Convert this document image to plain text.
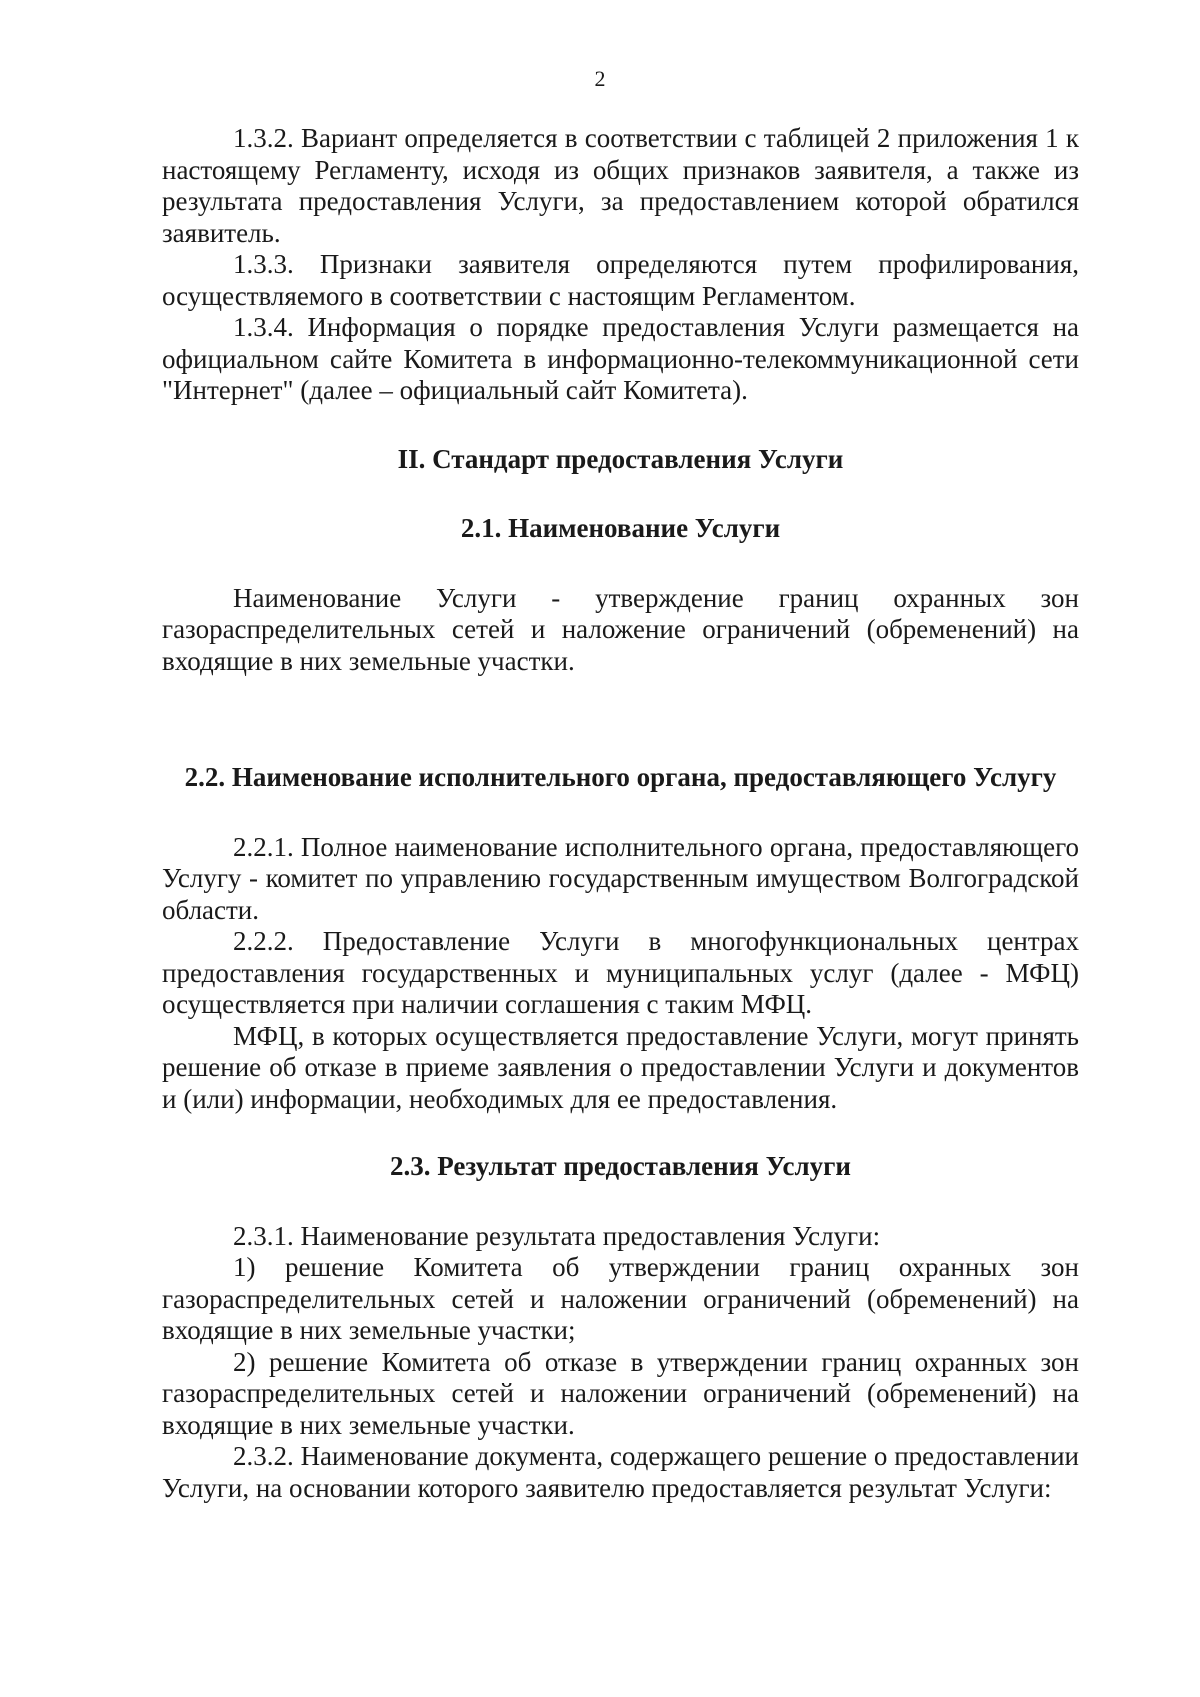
2

1.3.2. Вариант определяется в соответствии с таблицей 2 приложения 1 к настоящему Регламенту, исходя из общих признаков заявителя, а также из результата предоставления Услуги, за предоставлением которой обратился заявитель.

1.3.3. Признаки заявителя определяются путем профилирования, осуществляемого в соответствии с настоящим Регламентом.

1.3.4. Информация о порядке предоставления Услуги размещается на официальном сайте Комитета в информационно-телекоммуникационной сети "Интернет" (далее – официальный сайт Комитета).

II. Стандарт предоставления Услуги
2.1. Наименование Услуги

Наименование Услуги - утверждение границ охранных зон газораспределительных сетей и наложение ограничений (обременений) на входящие в них земельные участки.

2.2. Наименование исполнительного органа, предоставляющего Услугу

2.2.1. Полное наименование исполнительного органа, предоставляющего Услугу - комитет по управлению государственным имуществом Волгоградской области.

2.2.2. Предоставление Услуги в многофункциональных центрах предоставления государственных и муниципальных услуг (далее - МФЦ) осуществляется при наличии соглашения с таким МФЦ.

МФЦ, в которых осуществляется предоставление Услуги, могут принять решение об отказе в приеме заявления о предоставлении Услуги и документов и (или) информации, необходимых для ее предоставления.

2.3. Результат предоставления Услуги

2.3.1. Наименование результата предоставления Услуги:

1) решение Комитета об утверждении границ охранных зон газораспределительных сетей и наложении ограничений (обременений) на входящие в них земельные участки;

2) решение Комитета об отказе в утверждении границ охранных зон газораспределительных сетей и наложении ограничений (обременений) на входящие в них земельные участки.

2.3.2. Наименование документа, содержащего решение о предоставлении Услуги, на основании которого заявителю предоставляется результат Услуги:
